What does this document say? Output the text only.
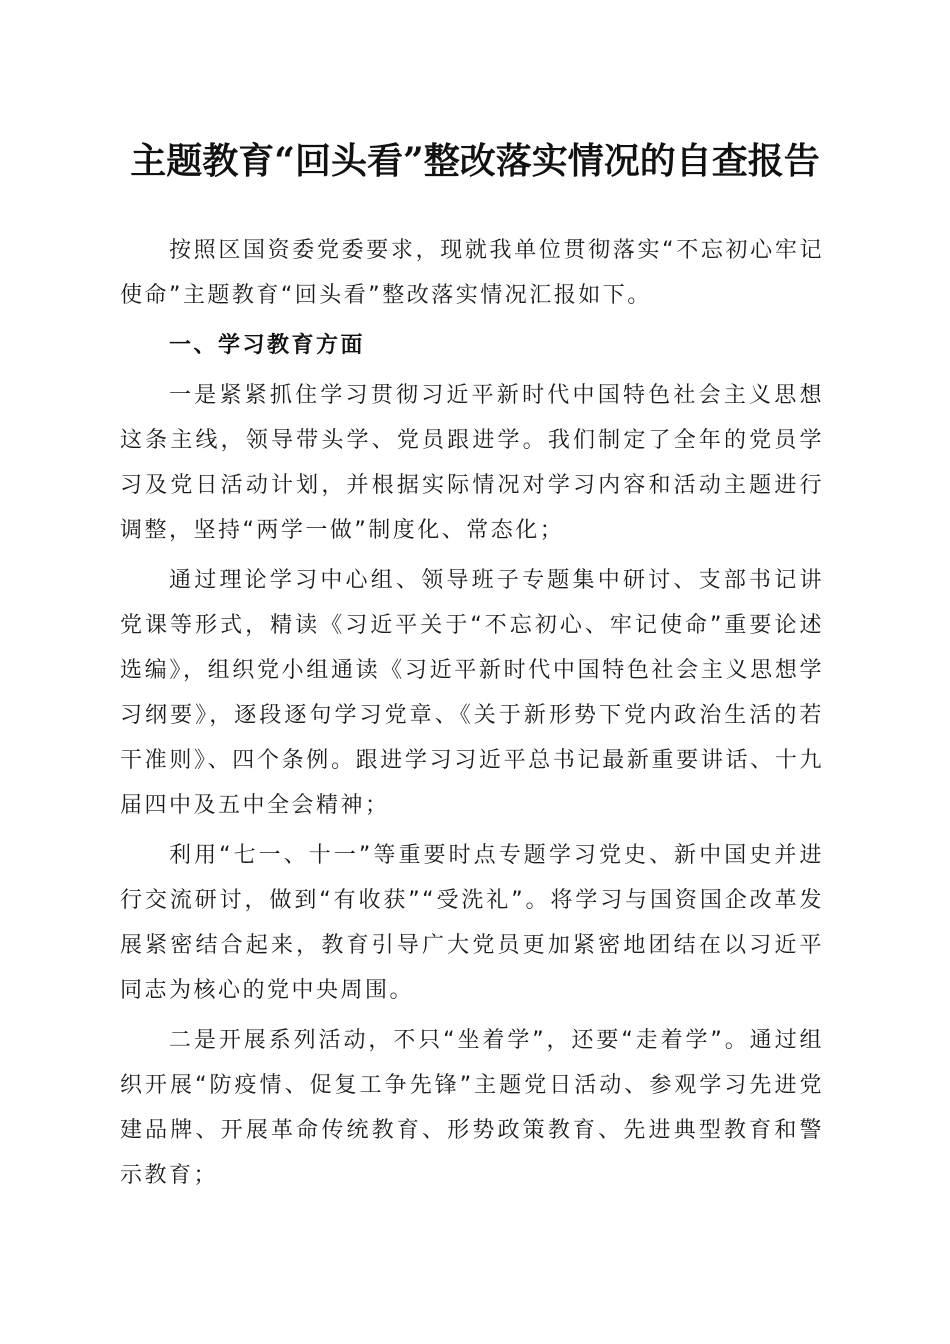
主题教育“回头看”整改落实情况的自查报告

按照区国资委党委要求，现就我单位贯彻落实“不忘初心牢记使命”主题教育“回头看”整改落实情况汇报如下。

一、学习教育方面

一是紧紧抓住学习贯彻习近平新时代中国特色社会主义思想这条主线，领导带头学、党员跟进学。我们制定了全年的党员学习及党日活动计划，并根据实际情况对学习内容和活动主题进行调整，坚持“两学一做”制度化、常态化；

通过理论学习中心组、领导班子专题集中研讨、支部书记讲党课等形式，精读《习近平关于“不忘初心、牢记使命”重要论述选编》，组织党小组通读《习近平新时代中国特色社会主义思想学习纲要》，逐段逐句学习党章、《关于新形势下党内政治生活的若干准则》、四个条例。跟进学习习近平总书记最新重要讲话、十九届四中及五中全会精神；

利用“七一、十一”等重要时点专题学习党史、新中国史并进行交流研讨，做到“有收获”“受洗礼”。将学习与国资国企改革发展紧密结合起来，教育引导广大党员更加紧密地团结在以习近平同志为核心的党中央周围。

二是开展系列活动，不只“坐着学”，还要“走着学”。通过组织开展“防疫情、促复工争先锋”主题党日活动、参观学习先进党建品牌、开展革命传统教育、形势政策教育、先进典型教育和警示教育；
